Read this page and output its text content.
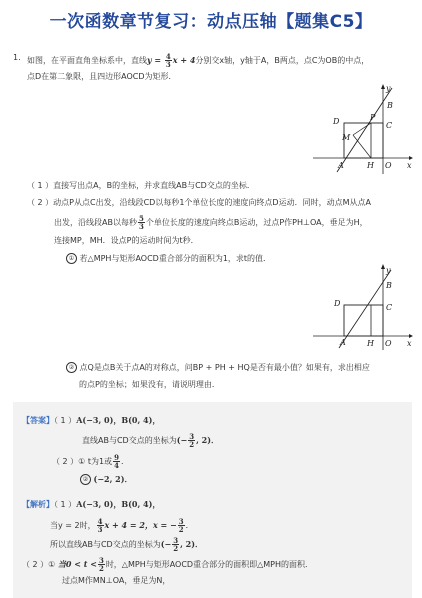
一次函数章节复习：动点压轴【题集C5】
1. 如图，在平面直角坐标系中，直线$y = \frac{4}{3}$ x + 4分别交x轴，y轴于A，B两点，点C为OB的中点，
点D在第二象限，且四边形AOCD为矩形．
y
x
B
D	P
C
M
A	H O
（ 1 ）直接写出点A，B的坐标，并求直线AB与CD交点的坐标．
（ 2 ）动点P从点C出发，沿线段CD以每秒1个单位长度的速度向终点D运动．同时，动点M从点A
出发，沿线段AB以每秒 $\frac{5}{3}$ 个单位长度的速度向终点B运动，过点P作PH⊥OA，垂足为H，
连接MP，MH．设点P的运动时间为t秒．
① 若△MPH与矩形AOCD重合部分的面积为1，求t的值．
y
x
B
D	C
A	H O
② 点Q是点B关于点A的对称点，问BP + PH + HQ是否有最小值？如果有，求出相应
的点P的坐标；如果没有，请说明理由．
【答案】（ 1 ）A(−3, 0)，B(0, 4)，
直线AB与CD交点的坐标为(− $\frac{3}{2}$ , 2)．
（ 2 ）① t为1或 $\frac{9}{4}$ ．
② (−2, 2)．
【解析】（ 1 ）A(−3, 0)，B(0, 4)，
当y = 2时， $\frac{4}{3}$ x + 4 = 2，x = − $\frac{3}{2}$ ．
所以直线AB与CD交点的坐标为(− $\frac{3}{2}$ , 2)．
（ 2 ）① 当$0 < t < \frac{3}{2}$ 时，△MPH与矩形AOCD重合部分的面积即△MPH的面积．
过点M作MN⊥OA，垂足为N，
